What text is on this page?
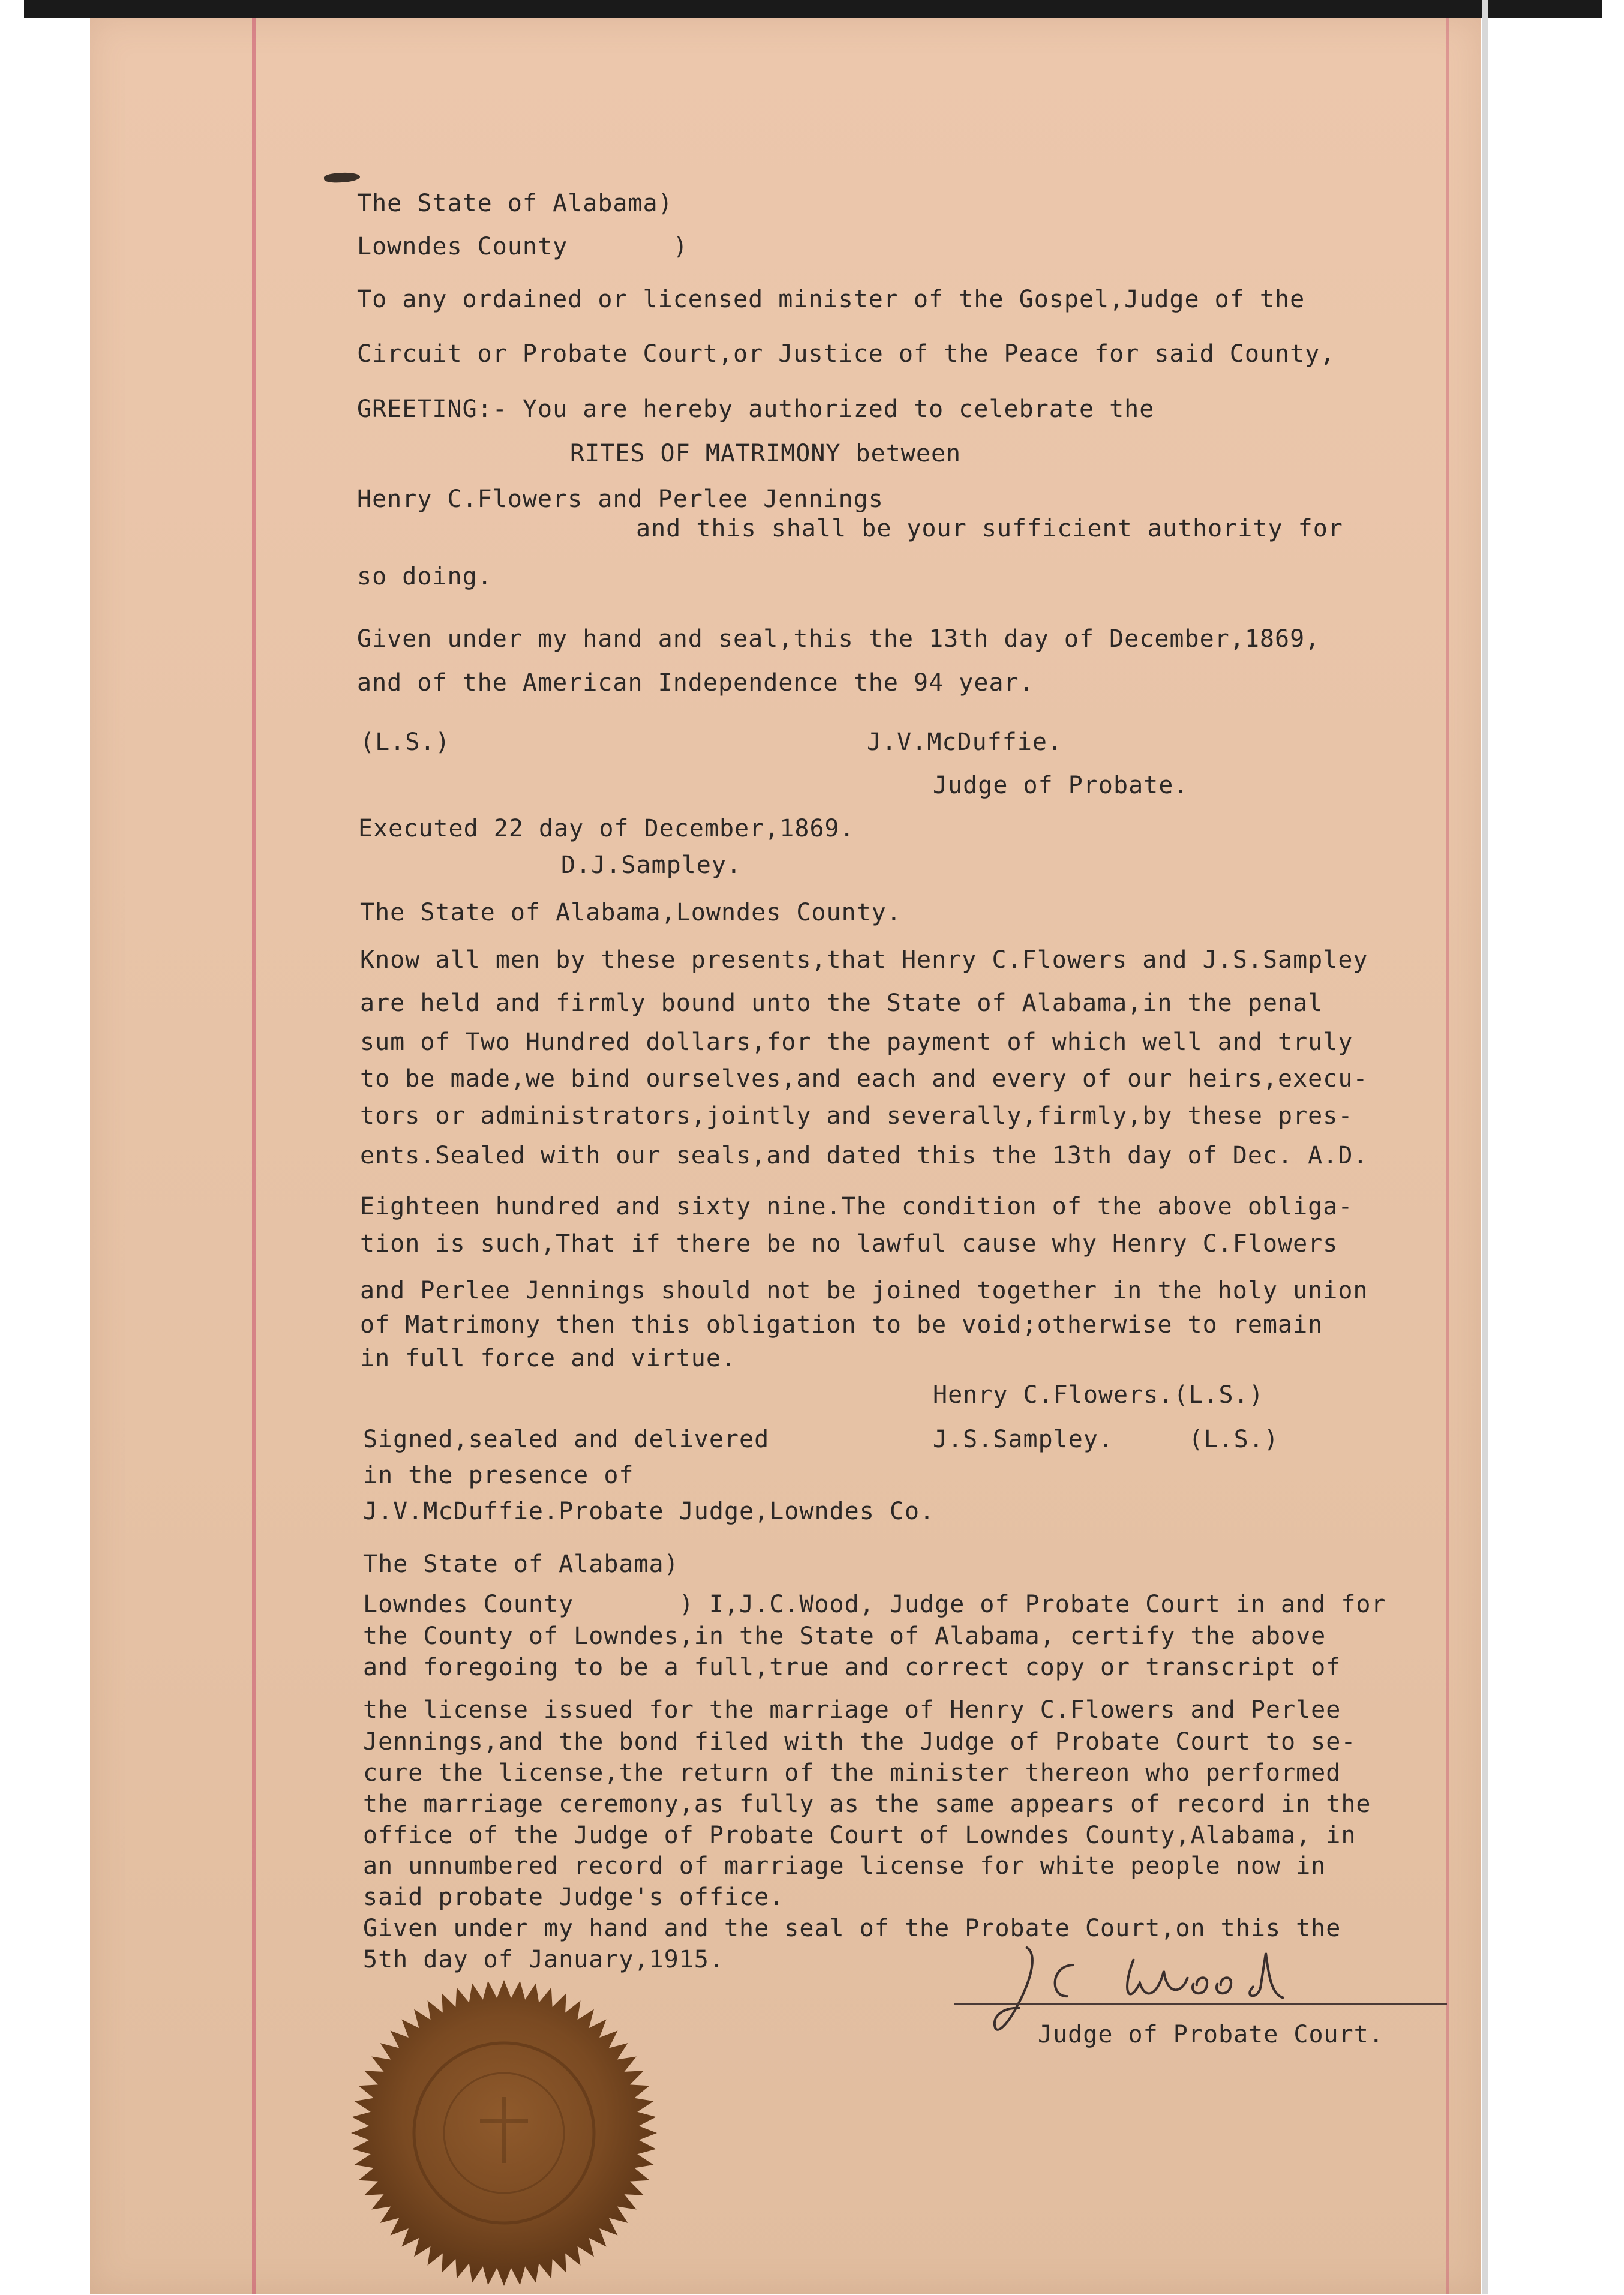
The State of Alabama)
Lowndes County       )
To any ordained or licensed minister of the Gospel,Judge of the
Circuit or Probate Court,or Justice of the Peace for said County,
GREETING:- You are hereby authorized to celebrate the
RITES OF MATRIMONY between
Henry C.Flowers and Perlee Jennings
and this shall be your sufficient authority for
so doing.
Given under my hand and seal,this the 13th day of December,1869,
and of the American Independence the 94 year.
(L.S.)	J.V.McDuffie.
Judge of Probate.
Executed 22 day of December,1869.
D.J.Sampley.
The State of Alabama,Lowndes County.
Know all men by these presents,that Henry C.Flowers and J.S.Sampley
are held and firmly bound unto the State of Alabama,in the penal
sum of Two Hundred dollars,for the payment of which well and truly
to be made,we bind ourselves,and each and every of our heirs,execu-
tors or administrators,jointly and severally,firmly,by these pres-
ents.Sealed with our seals,and dated this the 13th day of Dec. A.D.
Eighteen hundred and sixty nine.The condition of the above obliga-
tion is such,That if there be no lawful cause why Henry C.Flowers
and Perlee Jennings should not be joined together in the holy union
of Matrimony then this obligation to be void;otherwise to remain
in full force and virtue.
Henry C.Flowers.(L.S.)
Signed,sealed and delivered	J.S.Sampley.     (L.S.)
in the presence of
J.V.McDuffie.Probate Judge,Lowndes Co.
The State of Alabama)
Lowndes County       ) I,J.C.Wood, Judge of Probate Court in and for
the County of Lowndes,in the State of Alabama, certify the above
and foregoing to be a full,true and correct copy or transcript of
the license issued for the marriage of Henry C.Flowers and Perlee
Jennings,and the bond filed with the Judge of Probate Court to se-
cure the license,the return of the minister thereon who performed
the marriage ceremony,as fully as the same appears of record in the
office of the Judge of Probate Court of Lowndes County,Alabama, in
an unnumbered record of marriage license for white people now in
said probate Judge's office.
Given under my hand and the seal of the Probate Court,on this the
5th day of January,1915.
Judge of Probate Court.
